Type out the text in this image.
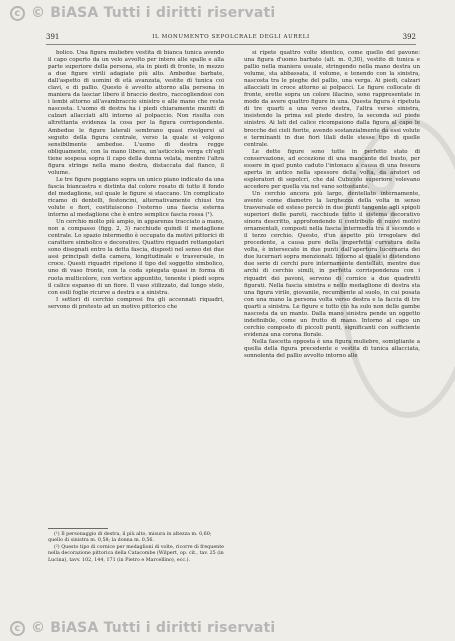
c © BiASA Tutti i diritti riservati
391	IL MONUMENTO SEPOLCRALE DEGLI AURELI	392
DES

bolico. Una figura muliebre vestita di bianca tunica avendo il capo coperto da un velo avvolto per intero alle spalle e alla parte superiore della persona, sta in piedi di fronte, in mezzo a due figure virili adagiate più alto. Ambedue barbate, dall'aspetto di uomini di età avanzata, vestite di tunica coi clavi, e di pallio. Questo è avvolto attorno alla persona in maniera da lasciar libero il braccio destro, raccogliendosi con i lembi attorno all'avambraccio sinistro e alle mano che resta nascosta. L'uomo di destra ha i piedi chiaramente muniti di calzari allacciati alti intorno al polpaccio. Non risulta con altrettanta evidenza la cosa per la figura corrispondente. Ambedue le figure laterali sembrano quasi rivolgersi al seguito della figura centrale, verso la quale si volgono sensibilmente ambedue. L'uomo di destra regge obliquamente, con la mano libera, un'asticciola verga ch'egli tiene sospesa sopra il capo della donna velata, mentre l'altra figura stringe nella mano destra, distaccata dal fianco, il volume.

Le tre figure poggiano sopra un unico piano indicato da una fascia biancastra e distinta dal colore rosato di tutto il fondo del medaglione, sul quale le figure si staccano. Un complicato ricamo di dentelli, festoncini, alternativamente chiusi tra volute e fiori, costituiscono l'esterno una fascia esterna intorno al medaglione che è entro semplice fascia rossa (¹).

Un cerchio molto più ampio, in apparenza tracciato a mano, non a compasso (figg. 2, 3) racchiude quindi il medaglione centrale. Lo spazio intermedio è occupato da motivi pittorici di carattere simbolico e decorativo. Quattro riquadri rettangolari sono disegnati entro la detta fascia, disposti nel senso dei due assi principali della camera, longitudinale e trasversale, in croce. Questi riquadri ripetono il tipo del soggetto simbolico, uno di vaso fronte, con la coda spiegata quasi in forma di ruota multicolore, con vertice appuntito, tenente i piedi sopra il calice espanso di un fiore. Il vaso stilizzato, dal lungo stelo, con esili foglie ricurve a destra e a sinistra.

I settori di cerchio compresi fra gli accennati riquadri, servono di pretesto ad un motivo pittorico che

si ripete quattro volte identico, come quello del pavone: una figura d'uomo barbato (alt. m. 0,30), vestito di tunica e pallio nella maniera usuale, stringendo nella mano destra un volume, sta abbassata, il volume, e tenendo con la sinistra, nascosta tra le pieghe del pallio, una verga. Ai piedi, calzari allacciati in croce attorno ai polpacci. Le figure collocate di fronte, erette sopra un colore lilacino, sono rappresentate in modo da avere quattro figure in una. Questa figura è ripetuta di tre quarti a una verso destra, l'altra verso sinistra, insistendo la prima sul piede destro, la seconda sul piede sinistro. Ai lati del calice ricompaiono dalla figura al capo le brocche dei cieli fiorite, avendo sostanzialmente da essi volute e terminanti in due fiori lilali delle stesse tipo di quelle centrale.

Le dette figure sono tutte in perfetto stato di conservazione, ad eccezione di una mancante del busto, per essere in quel punto caduto l'intonaco a causa di una fessura aperta in antico nella spessore della volta, da aratori od esploratori di sepolcri, che dal Cubicolo superiore volevano accedere per quella via nel vano sottostante.

Un cerchio ancora più largo, dentellato internamente, avente come diametro la larghezza della volta in senso trasversale ed esteso perciò in due punti tangente agli spigoli superiori delle pareti, racchiude tutto il sistema decorativo sinora descritto, approfondendo il contributo di nuovi motivi ornamentali, composti nella fascia intermedia tra il secondo e il terzo cerchio. Questo, d'un aspetto più irregolare del precedente, a causa pure della imperfetta curvatura della volta, è intersecato in due punti dall'apertura lucernaria dei due lucernari sopra menzionati. Intorno al quale si distendono due serie di cerchi pure internamente dentellati, mentre due archi di cerchio simili, in perfetta corrispondenza con i riquadri dei pavoni, servono di cornice a due quadretti figurati. Nella fascia sinistra e nello medaglione di destra sta una figura virile, giovanile, recumbente al suolo, in cui posata con una mano la persona volta verso destra e la faccia di tre quarti a sinistra. Le figure e tutto ciò ha sulo non delle gambe nascosta da un manto. Dalla mano sinistra pende un oggetto indefinibile, come un frutto di mano. Intorno al capo un cerchio composto di piccoli punti, significanti con sufficiente evidenza una corona florale.

Nella fascetta opposta è una figura muliebre, somigliante a quella della figura precedente e vestita di tunica allacciata, sonnolenta del pallio avvolto intorno alle

(¹) Il personaggio di destra, il più alto, misura in altezza m. 0,60; quello di sinistra m. 0,58; la donna m. 0,56.

(²) Questo tipo di cornice per medaglioni di volte, ricorre di frequente nella decorazione pittorica della Catacombe (Wilpert, op. cit., tav. 25 (in Lucina), tavv. 102, 144, 171 (in Pietro e Marcellino), ecc.).

c © BiASA Tutti i diritti riservati
